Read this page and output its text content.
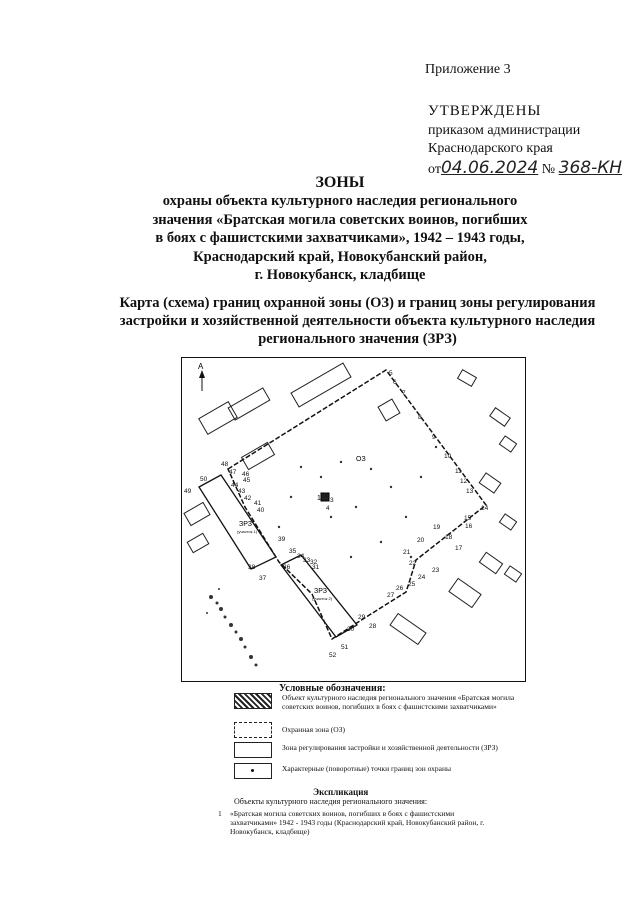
Приложение 3
УТВЕРЖДЕНЫ
приказом администрации
Краснодарского края
от04.06.2024 № 368-КН
ЗОНЫ
охраны объекта культурного наследия регионального
значения «Братская могила советских воинов, погибших
в боях с фашистскими захватчиками», 1942 – 1943 годы,
Краснодарский край, Новокубанский район,
г. Новокубанск, кладбище
Карта (схема) границ охранной зоны (ОЗ) и границ зоны регулирования
застройки и хозяйственной деятельности объекта культурного наследия
регионального значения (ЗРЗ)
A
1
ОЗ
ЗРЗ
(участок 1)
ЗРЗ
(участок 2)
2
3
4
5
6
7
8
9
10
11
12
13
14
15
16
17
18
19
20
21
22
23
24
25
26
27
28
29
30
31
32
33
34
35
36
37
38
39
40
41
42
43
44
45
46
47
48
49
50
51
52
Условные обозначения:
Объект культурного наследия регионального значения «Братская могила советских воинов, погибших в боях с фашистскими захватчиками»
Охранная зона (ОЗ)
Зона регулирования застройки и хозяйственной деятельности (ЗРЗ)
Характерные (поворотные) точки границ зон охраны
Экспликация
Объекты культурного наследия регионального значения:
1 «Братская могила советских воинов, погибших в боях с фашистскими захватчиками» 1942 - 1943 годы (Краснодарский край, Новокубанский район, г. Новокубанск, кладбище)
